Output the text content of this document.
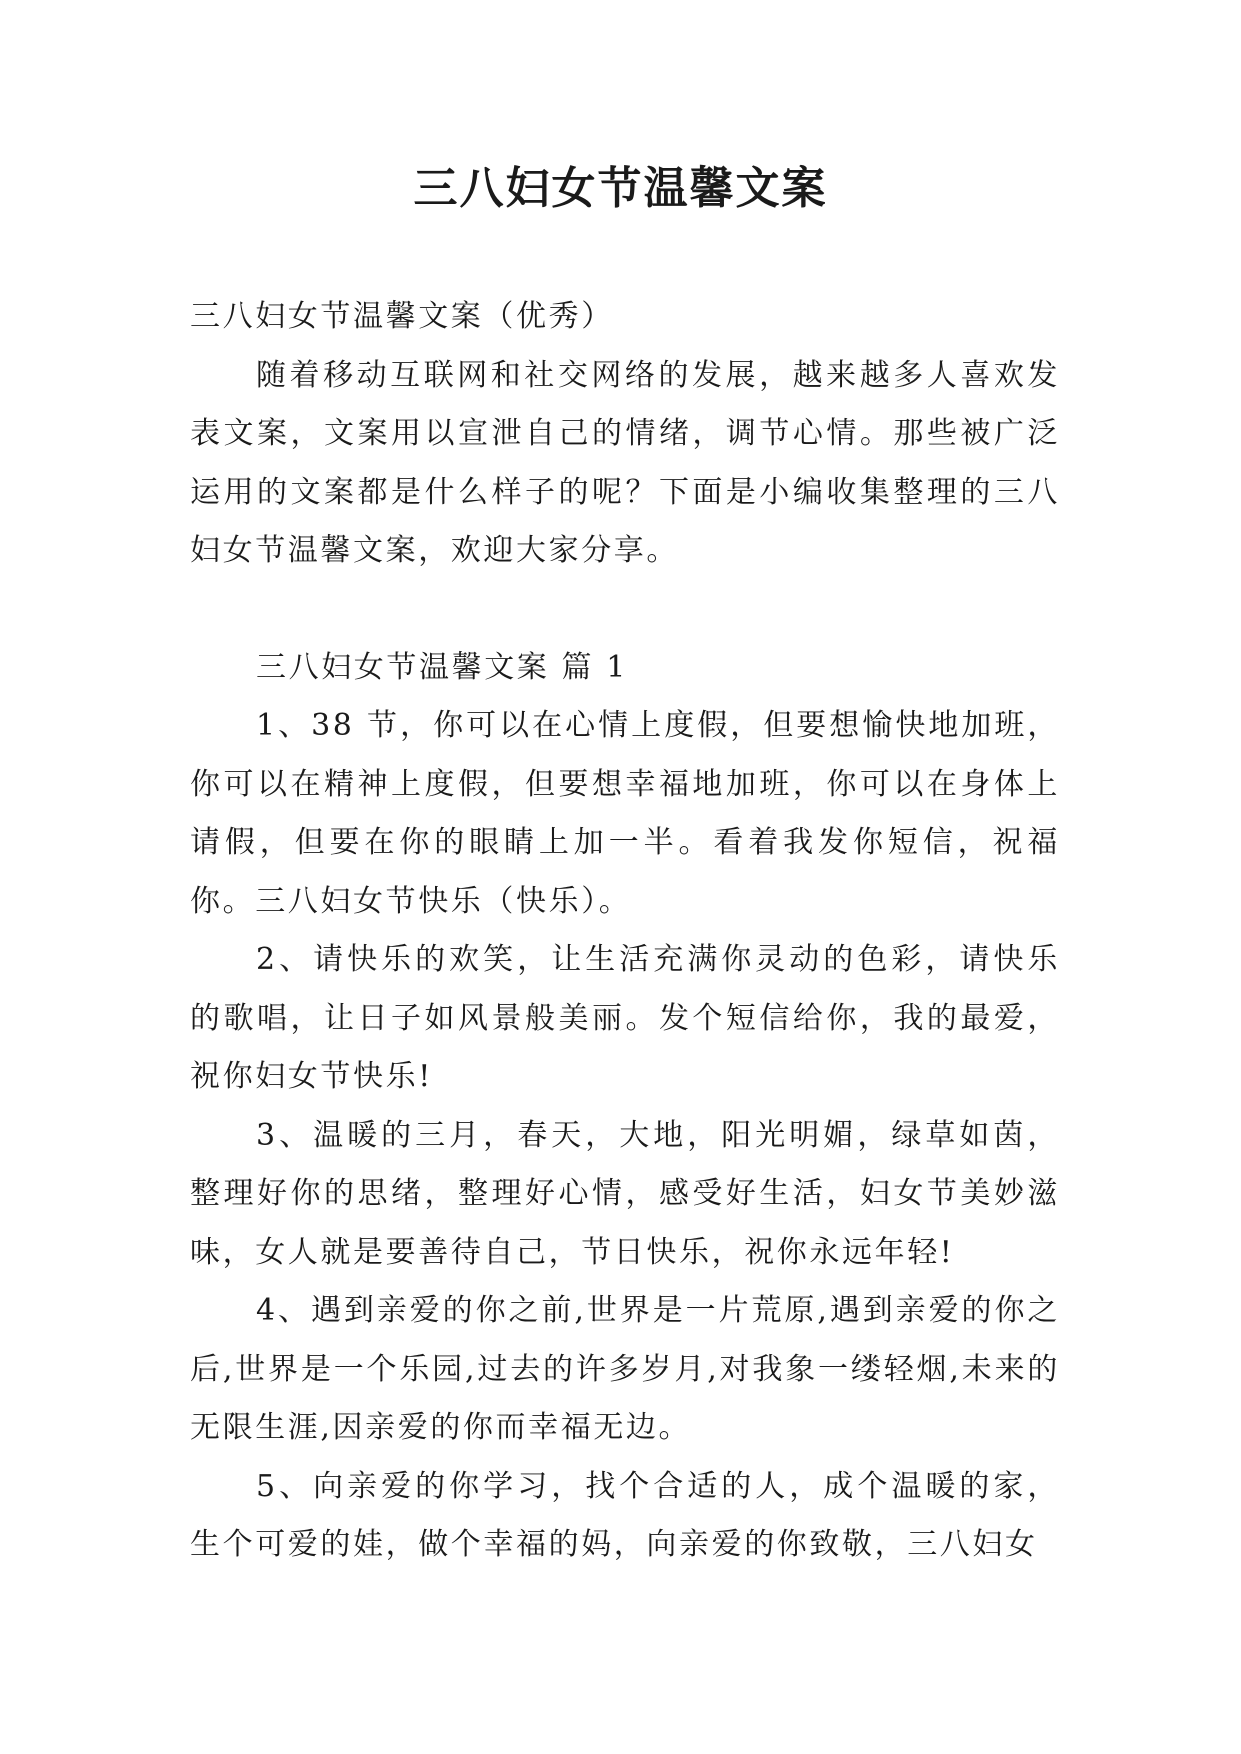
三八妇女节温馨文案

三八妇女节温馨文案（优秀）

随着移动互联网和社交网络的发展，越来越多人喜欢发表文案，文案用以宣泄自己的情绪，调节心情。那些被广泛运用的文案都是什么样子的呢？下面是小编收集整理的三八妇女节温馨文案，欢迎大家分享。

三八妇女节温馨文案 篇 1

1、38 节，你可以在心情上度假，但要想愉快地加班，你可以在精神上度假，但要想幸福地加班，你可以在身体上请假，但要在你的眼睛上加一半。看着我发你短信，祝福你。三八妇女节快乐（快乐）。

2、请快乐的欢笑，让生活充满你灵动的色彩，请快乐的歌唱，让日子如风景般美丽。发个短信给你，我的最爱，祝你妇女节快乐!

3、温暖的三月，春天，大地，阳光明媚，绿草如茵，整理好你的思绪，整理好心情，感受好生活，妇女节美妙滋味，女人就是要善待自己，节日快乐，祝你永远年轻!

4、遇到亲爱的你之前,世界是一片荒原,遇到亲爱的你之后,世界是一个乐园,过去的许多岁月,对我象一缕轻烟,未来的无限生涯,因亲爱的你而幸福无边。

5、向亲爱的你学习，找个合适的人，成个温暖的家，生个可爱的娃，做个幸福的妈，向亲爱的你致敬，三八妇女
